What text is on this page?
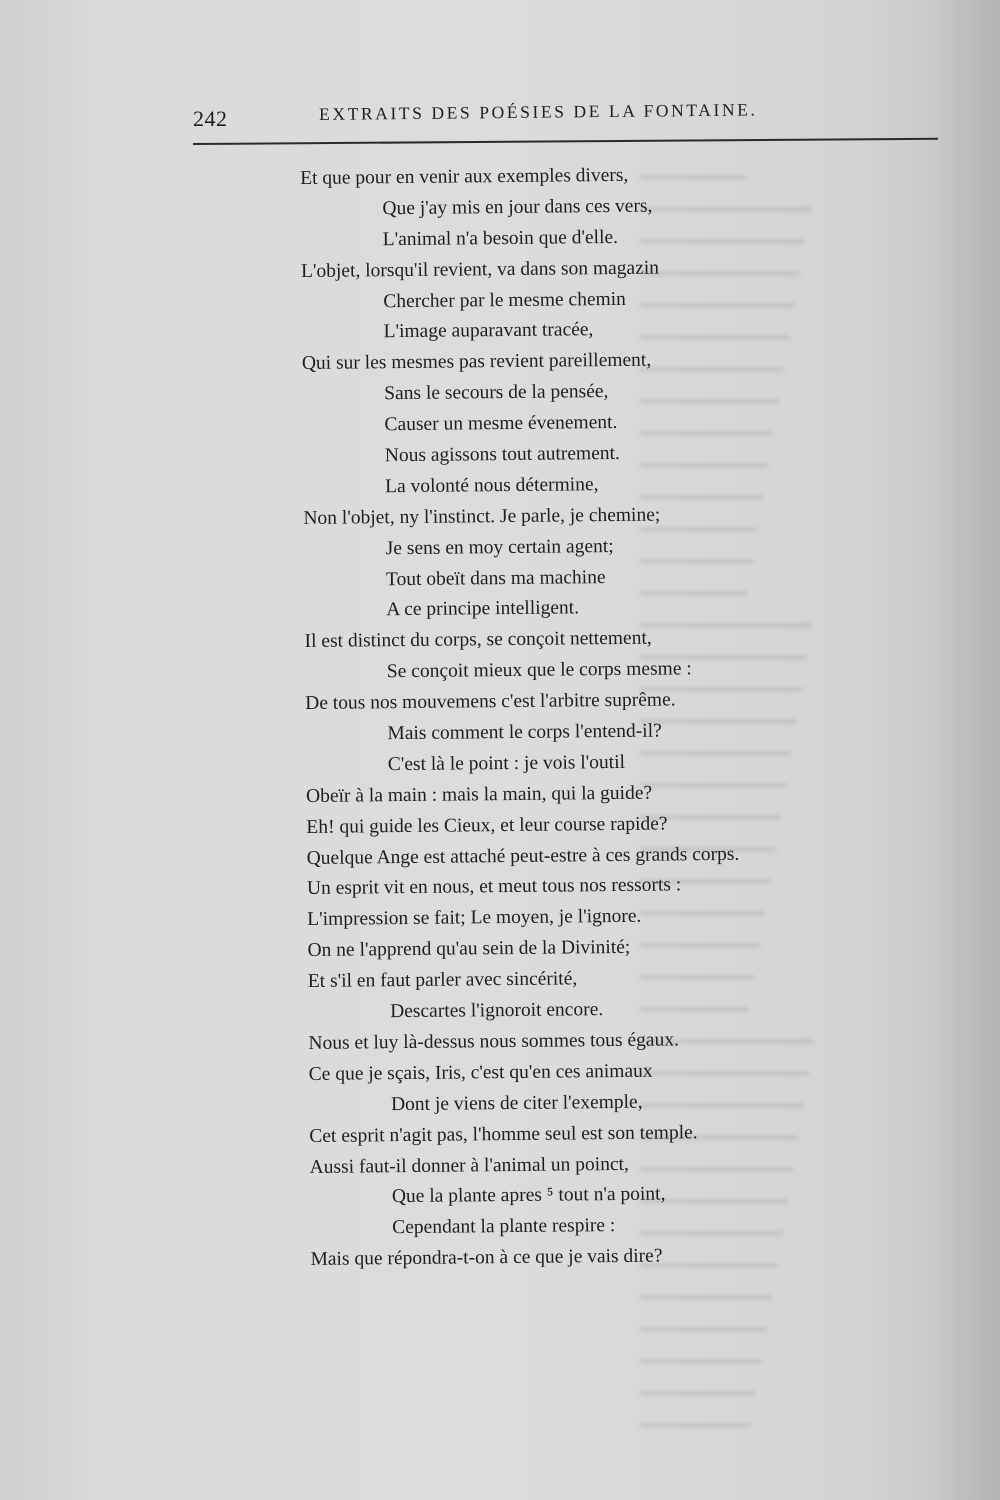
242	EXTRAITS DES POÉSIES DE LA FONTAINE.
Et que pour en venir aux exemples divers,
Que j'ay mis en jour dans ces vers,
L'animal n'a besoin que d'elle.
L'objet, lorsqu'il revient, va dans son magazin
Chercher par le mesme chemin
L'image auparavant tracée,
Qui sur les mesmes pas revient pareillement,
Sans le secours de la pensée,
Causer un mesme évenement.
Nous agissons tout autrement.
La volonté nous détermine,
Non l'objet, ny l'instinct. Je parle, je chemine;
Je sens en moy certain agent;
Tout obeït dans ma machine
A ce principe intelligent.
Il est distinct du corps, se conçoit nettement,
Se conçoit mieux que le corps mesme :
De tous nos mouvemens c'est l'arbitre suprême.
Mais comment le corps l'entend-il?
C'est là le point : je vois l'outil
Obeïr à la main : mais la main, qui la guide?
Eh! qui guide les Cieux, et leur course rapide?
Quelque Ange est attaché peut-estre à ces grands corps.
Un esprit vit en nous, et meut tous nos ressorts :
L'impression se fait; Le moyen, je l'ignore.
On ne l'apprend qu'au sein de la Divinité;
Et s'il en faut parler avec sincérité,
Descartes l'ignoroit encore.
Nous et luy là-dessus nous sommes tous égaux.
Ce que je sçais, Iris, c'est qu'en ces animaux
Dont je viens de citer l'exemple,
Cet esprit n'agit pas, l'homme seul est son temple.
Aussi faut-il donner à l'animal un poinct,
Que la plante apres ⁵ tout n'a point,
Cependant la plante respire :
Mais que répondra-t-on à ce que je vais dire?
